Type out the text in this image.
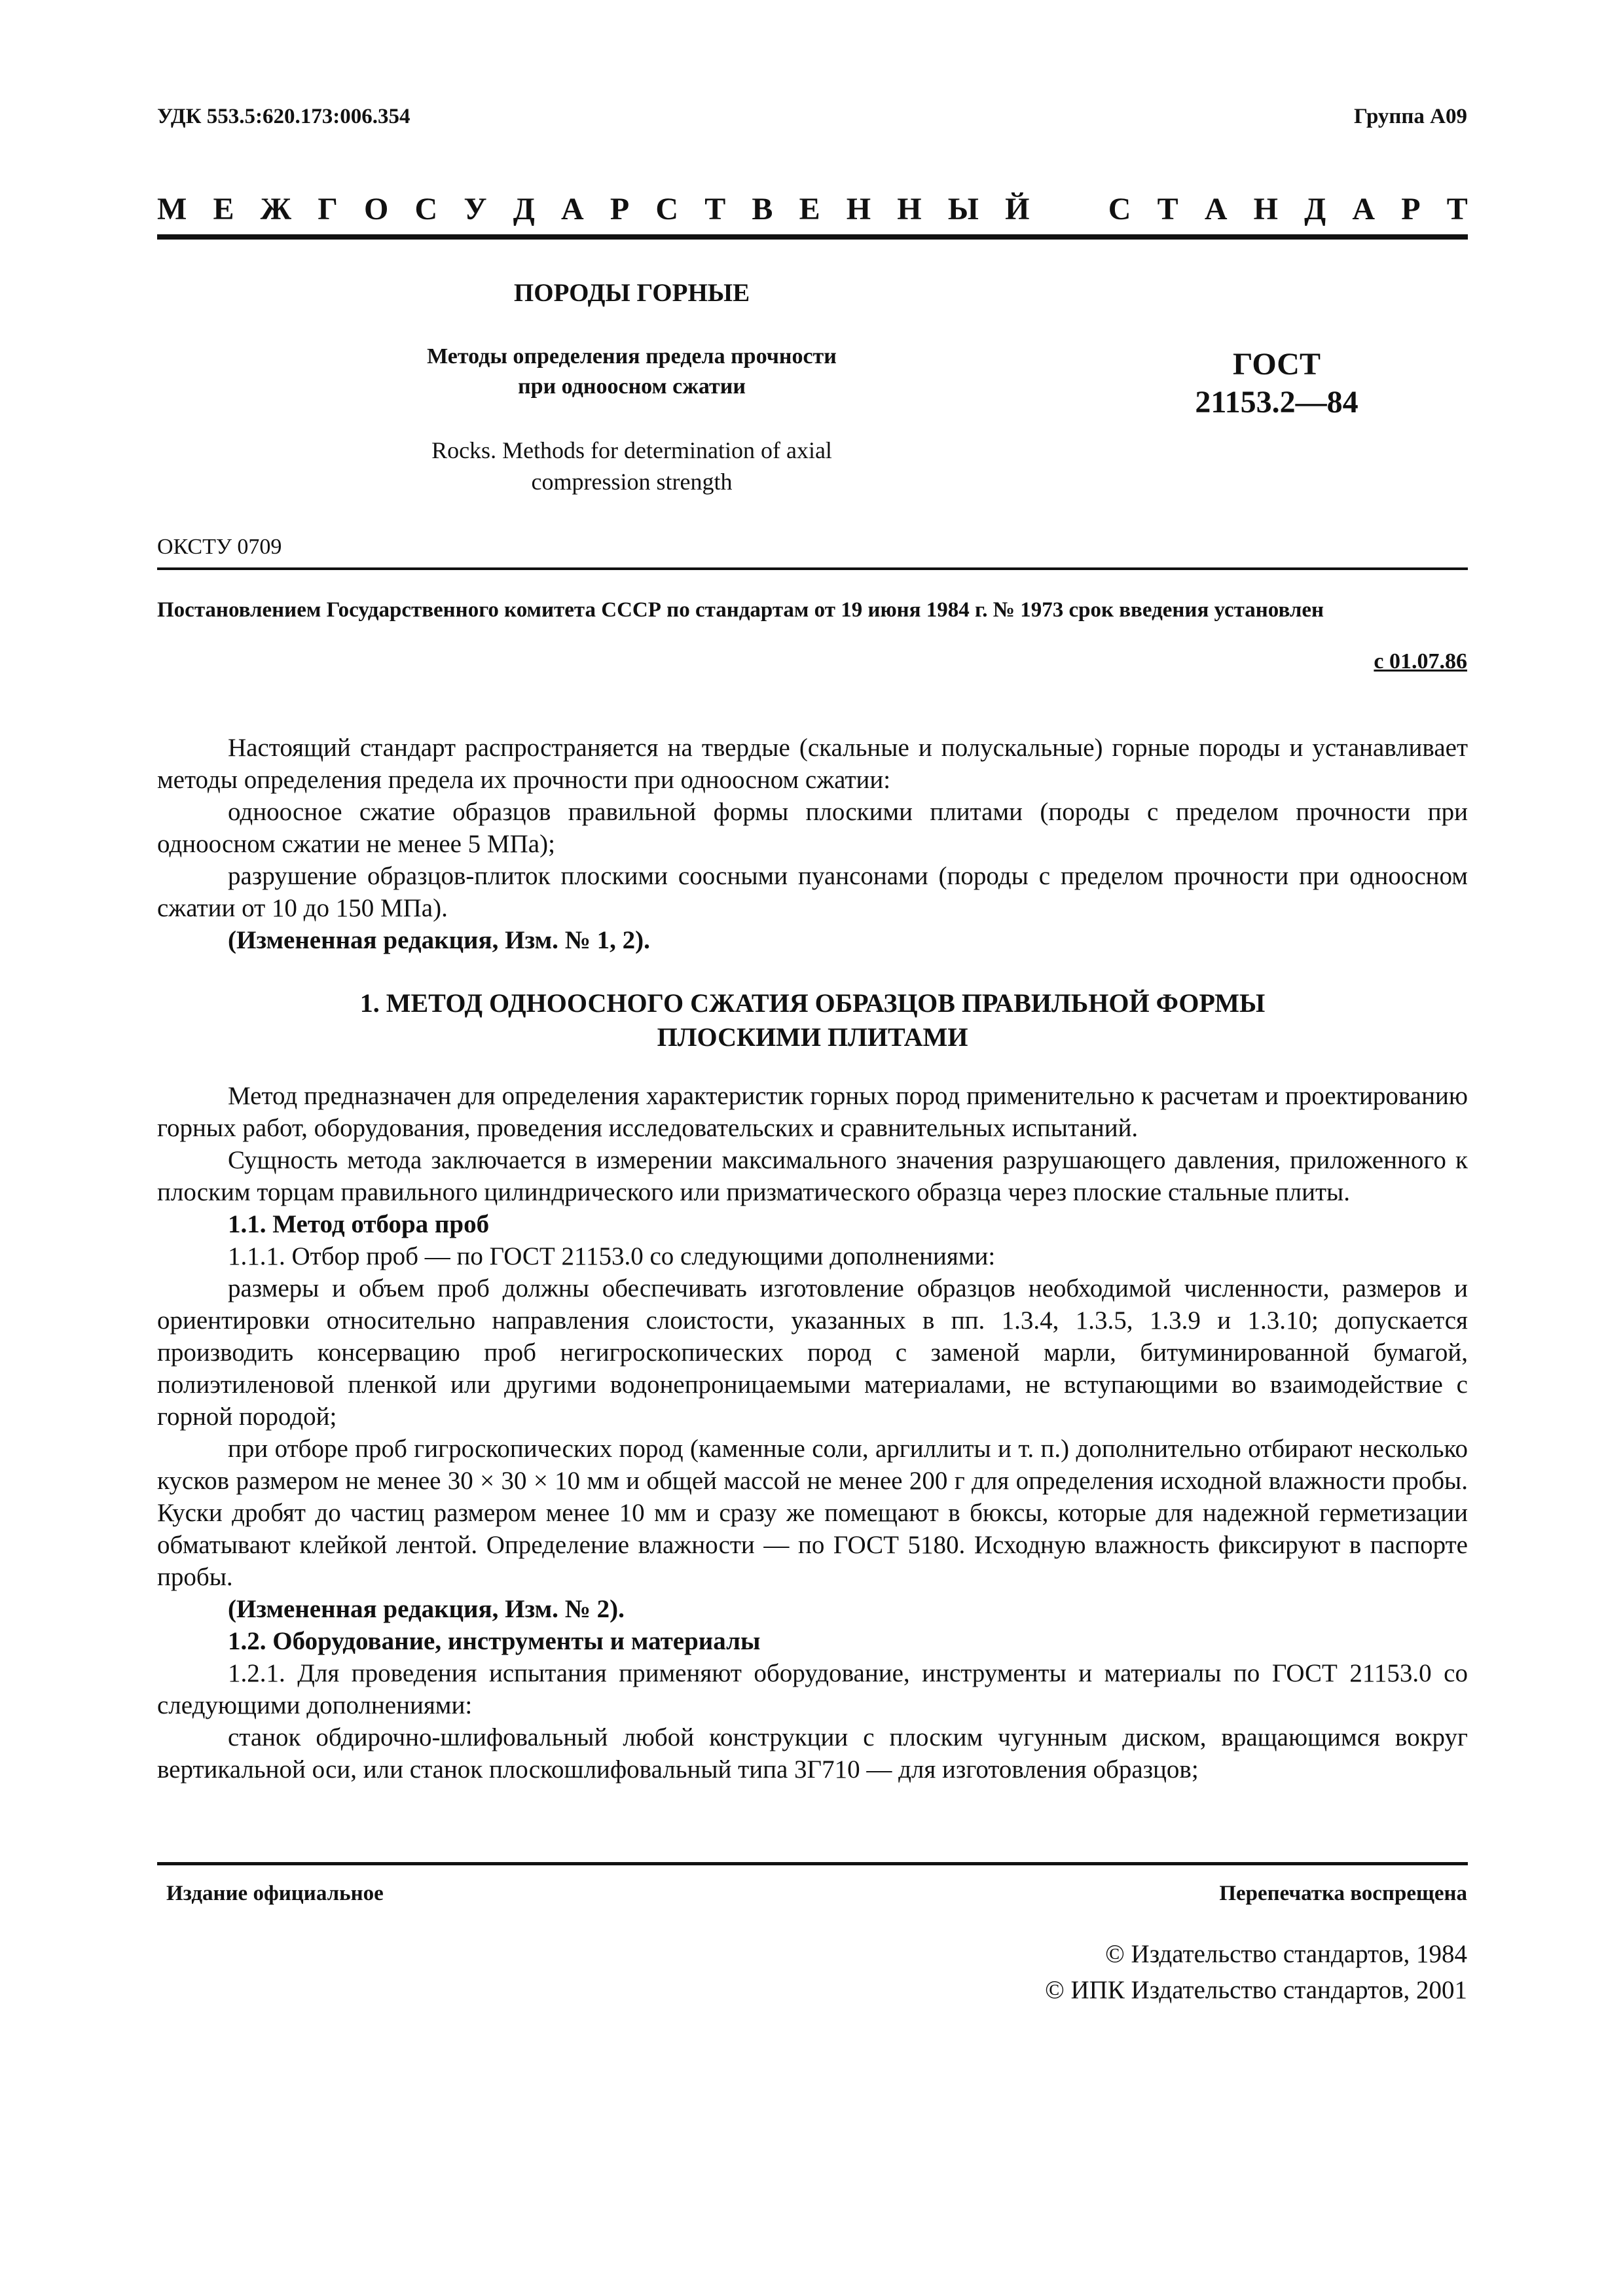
УДК 553.5:620.173:006.354	Группа А09
М Е Ж Г О С У Д А Р С Т В Е Н Н Ы Й	С Т А Н Д А Р Т
ПОРОДЫ ГОРНЫЕ
Методы определения предела прочности
при одноосном сжатии
Rocks. Methods for determination of axial
compression strength
ГОСТ
21153.2—84
ОКСТУ 0709
Постановлением Государственного комитета СССР по стандартам от 19 июня 1984 г. № 1973 срок введения установлен
с 01.07.86

Настоящий стандарт распространяется на твердые (скальные и полускальные) горные породы и устанавливает методы определения предела их прочности при одноосном сжатии:

одноосное сжатие образцов правильной формы плоскими плитами (породы с пределом прочности при одноосном сжатии не менее 5 МПа);

разрушение образцов-плиток плоскими соосными пуансонами (породы с пределом прочности при одноосном сжатии от 10 до 150 МПа).

(Измененная редакция, Изм. № 1, 2).

1. МЕТОД ОДНООСНОГО СЖАТИЯ ОБРАЗЦОВ ПРАВИЛЬНОЙ ФОРМЫ
ПЛОСКИМИ ПЛИТАМИ

Метод предназначен для определения характеристик горных пород применительно к расчетам и проектированию горных работ, оборудования, проведения исследовательских и сравнительных испытаний.

Сущность метода заключается в измерении максимального значения разрушающего давления, приложенного к плоским торцам правильного цилиндрического или призматического образца через плоские стальные плиты.

1.1. Метод отбора проб

1.1.1. Отбор проб — по ГОСТ 21153.0 со следующими дополнениями:

размеры и объем проб должны обеспечивать изготовление образцов необходимой численности, размеров и ориентировки относительно направления слоистости, указанных в пп. 1.3.4, 1.3.5, 1.3.9 и 1.3.10; допускается производить консервацию проб негигроскопических пород с заменой марли, битуминированной бумагой, полиэтиленовой пленкой или другими водонепроницаемыми материалами, не вступающими во взаимодействие с горной породой;

при отборе проб гигроскопических пород (каменные соли, аргиллиты и т. п.) дополнительно отбирают несколько кусков размером не менее 30 × 30 × 10 мм и общей массой не менее 200 г для определения исходной влажности пробы. Куски дробят до частиц размером менее 10 мм и сразу же помещают в бюксы, которые для надежной герметизации обматывают клейкой лентой. Определение влажности — по ГОСТ 5180. Исходную влажность фиксируют в паспорте пробы.

(Измененная редакция, Изм. № 2).

1.2. Оборудование, инструменты и материалы

1.2.1. Для проведения испытания применяют оборудование, инструменты и материалы по ГОСТ 21153.0 со следующими дополнениями:

станок обдирочно-шлифовальный любой конструкции с плоским чугунным диском, вращающимся вокруг вертикальной оси, или станок плоскошлифовальный типа 3Г710 — для изготовления образцов;

Издание официальное	Перепечатка воспрещена
© Издательство стандартов, 1984
© ИПК Издательство стандартов, 2001
